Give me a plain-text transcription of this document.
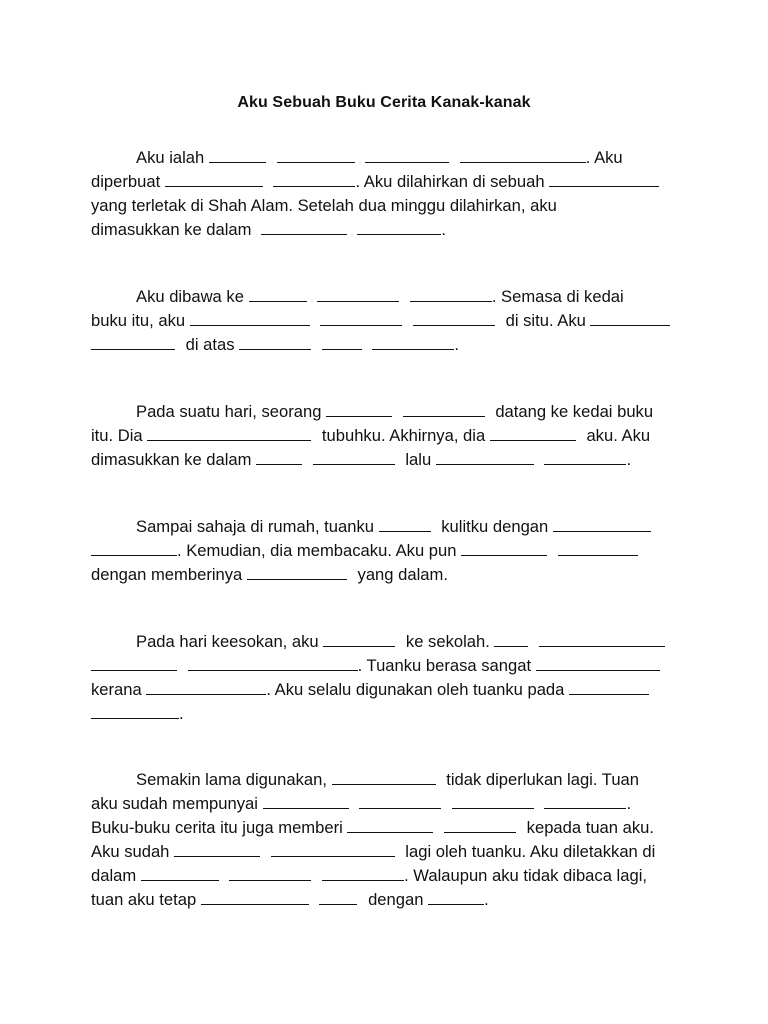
Aku Sebuah Buku Cerita Kanak-kanak
Aku ialah	. Aku
diperbuat	. Aku dilahirkan di sebuah
yang terletak di Shah Alam. Setelah dua minggu dilahirkan, aku
dimasukkan ke dalam	.
Aku dibawa ke	. Semasa di kedai
buku itu, aku	di situ. Aku
di atas	.
Pada suatu hari, seorang	datang ke kedai buku
itu. Dia	tubuhku. Akhirnya, dia	aku. Aku
dimasukkan ke dalam	lalu	.
Sampai sahaja di rumah, tuanku	kulitku dengan
. Kemudian, dia membacaku. Aku pun
dengan memberinya	yang dalam.
Pada hari keesokan, aku	ke sekolah.
. Tuanku berasa sangat
kerana	. Aku selalu digunakan oleh tuanku pada
.
Semakin lama digunakan,	tidak diperlukan lagi. Tuan
aku sudah mempunyai	.
Buku-buku cerita itu juga memberi	kepada tuan aku.
Aku sudah	lagi oleh tuanku. Aku diletakkan di
dalam	. Walaupun aku tidak dibaca lagi,
tuan aku tetap	dengan	.
